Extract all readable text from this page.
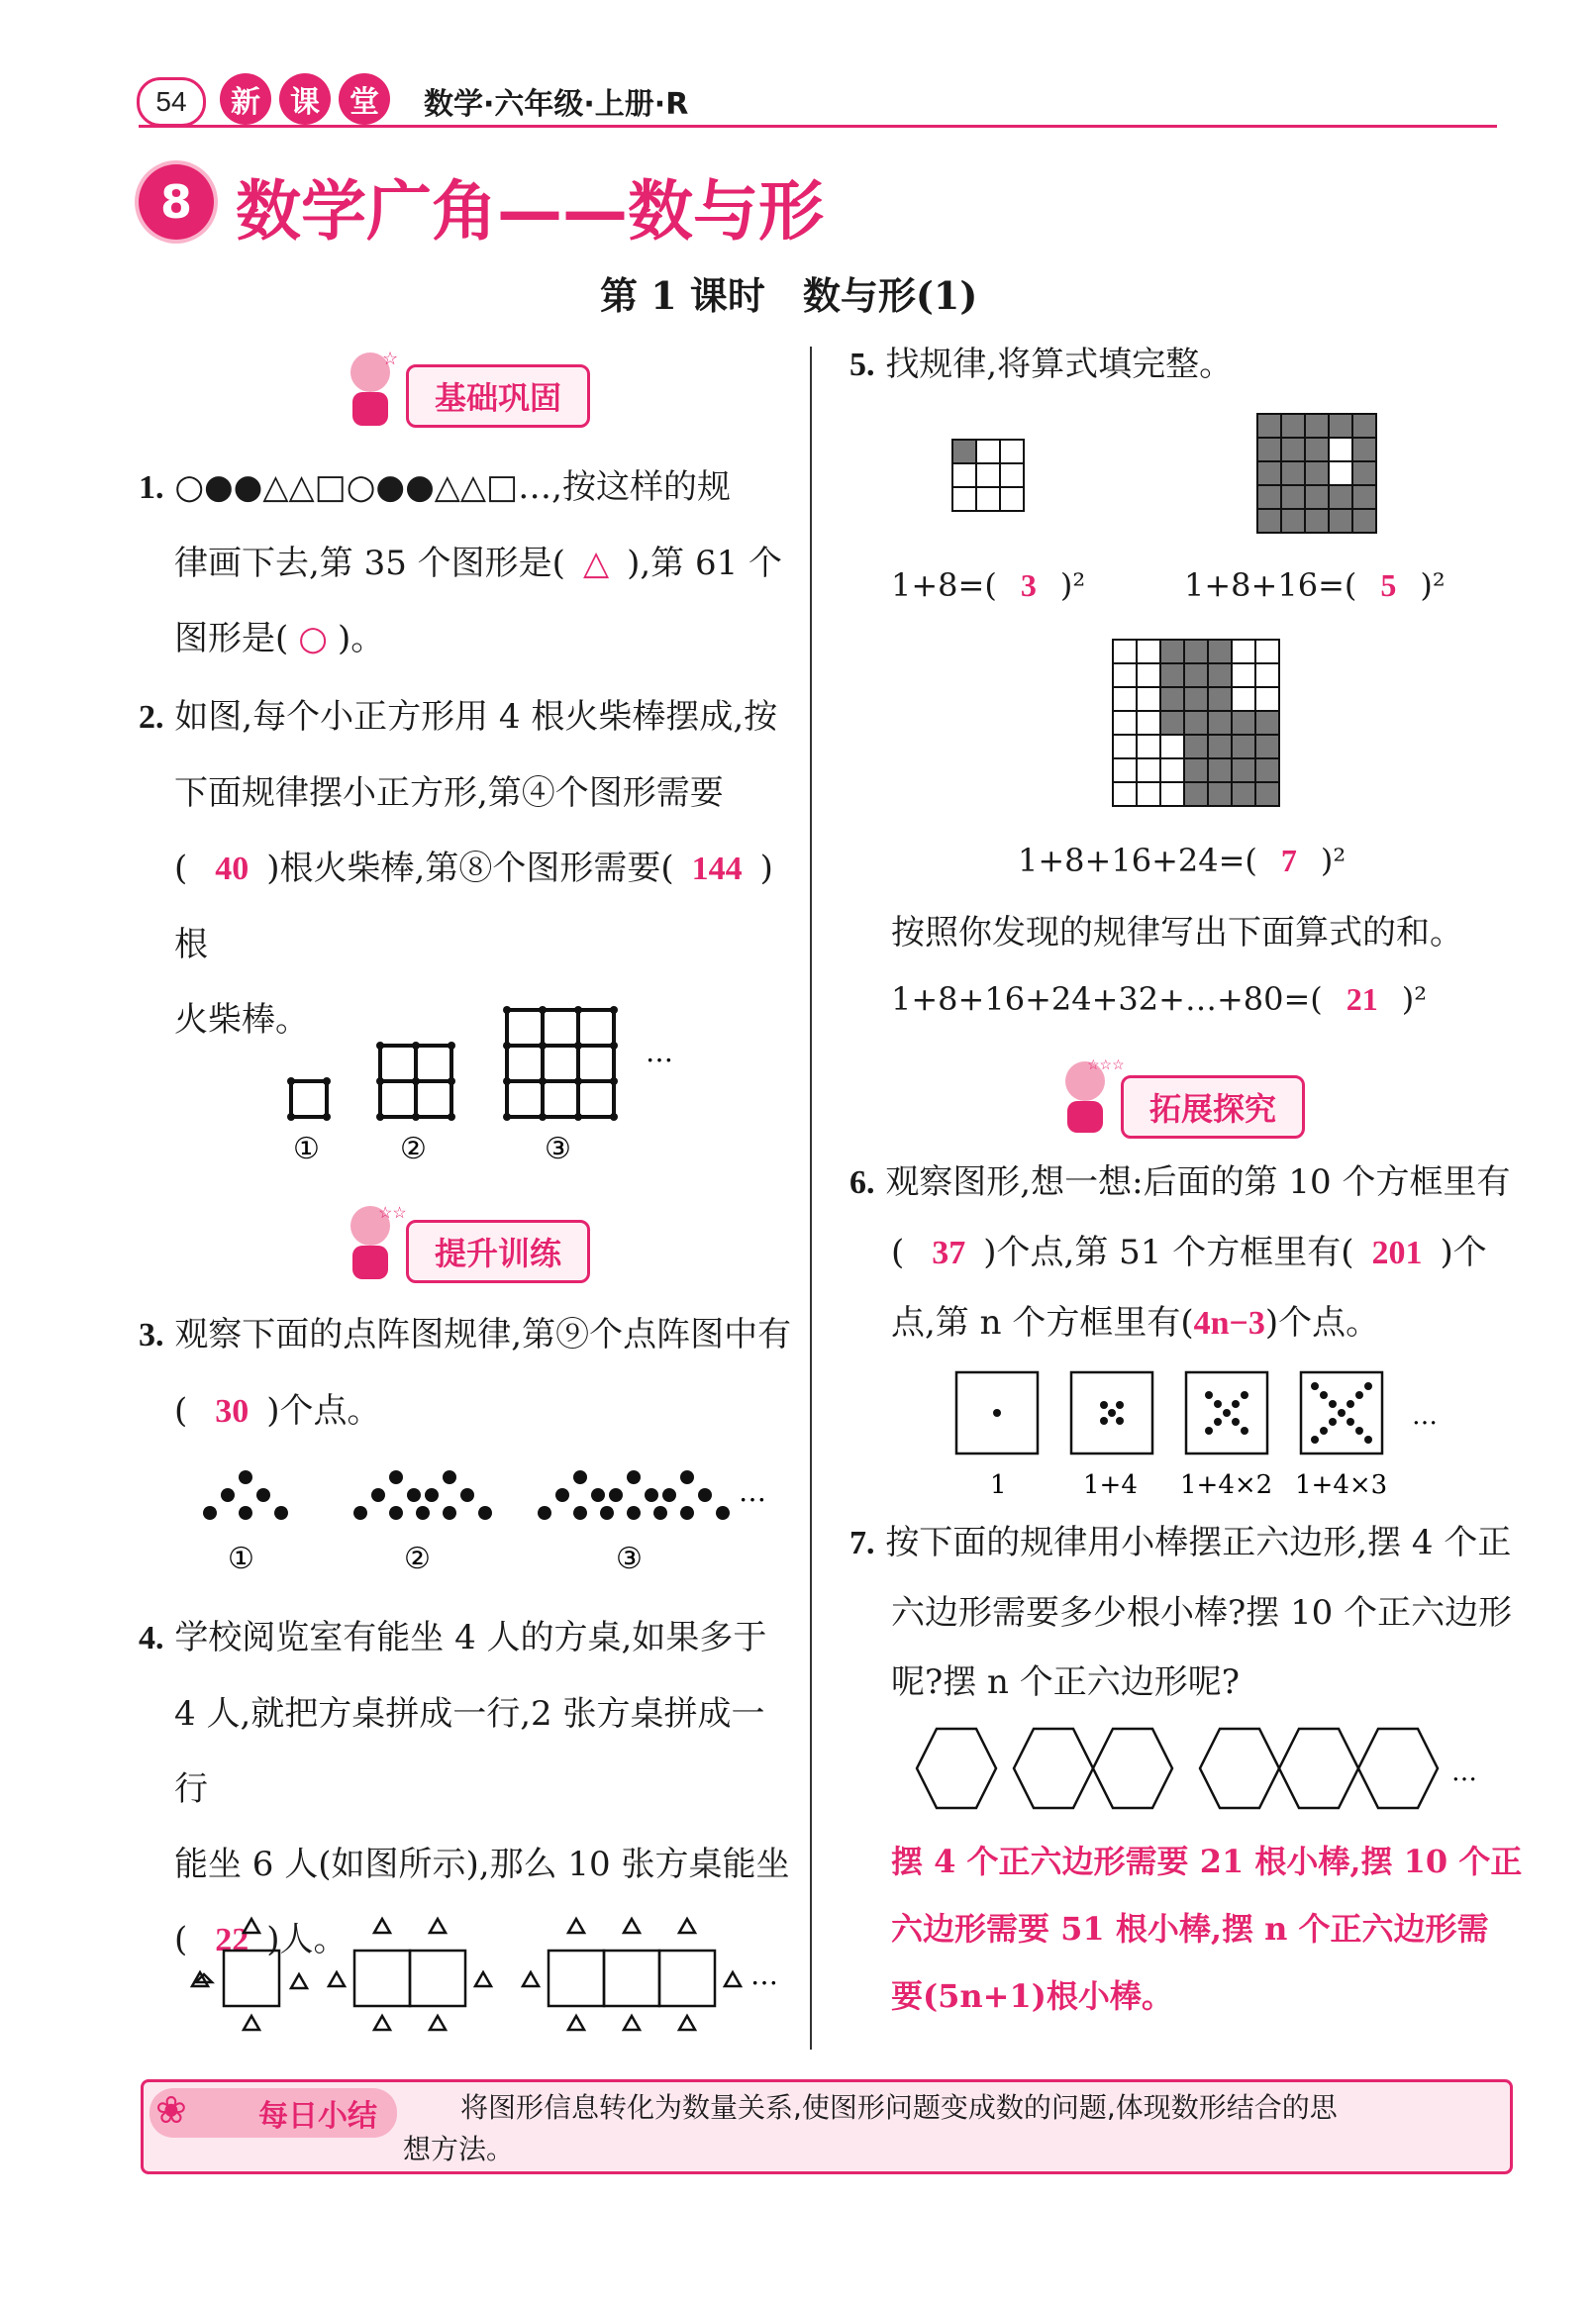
54 新 课 堂 数学·六年级·上册·R
8 数学广角——数与形
第 1 课时　数与形(1)
基础巩固
☆
1. ○●●△△□○●●△△□…,按这样的规
律画下去,第 35 个图形是( △ ),第 61 个
图形是( ○ )。
2. 如图,每个小正方形用 4 根火柴棒摆成,按
下面规律摆小正方形,第④个图形需要
( 40 )根火柴棒,第⑧个图形需要( 144 )根
火柴棒。
①	②	③
…
提升训练
☆☆
3. 观察下面的点阵图规律,第⑨个点阵图中有
( 30 )个点。
①	②	③
…
4. 学校阅览室有能坐 4 人的方桌,如果多于
4 人,就把方桌拼成一行,2 张方桌拼成一行
能坐 6 人(如图所示),那么 10 张方桌能坐
( 22 )人。
…
5. 找规律,将算式填完整。
1+8=( 3 )²	1+8+16=( 5 )²
1+8+16+24=( 7 )²
按照你发现的规律写出下面算式的和。
1+8+16+24+32+…+80=( 21 )²
拓展探究
☆☆☆
6. 观察图形,想一想:后面的第 10 个方框里有
( 37 )个点,第 51 个方框里有( 201 )个
点,第 n 个方框里有(4n−3)个点。
1	1+4 1+4×2 1+4×3
…
7. 按下面的规律用小棒摆正六边形,摆 4 个正
六边形需要多少根小棒?摆 10 个正六边形
呢?摆 n 个正六边形呢?
…
摆 4 个正六边形需要 21 根小棒,摆 10 个正
六边形需要 51 根小棒,摆 n 个正六边形需
要(5n+1)根小棒。
❀ 每日小结	将图形信息转化为数量关系,使图形问题变成数的问题,体现数形结合的思
想方法。
